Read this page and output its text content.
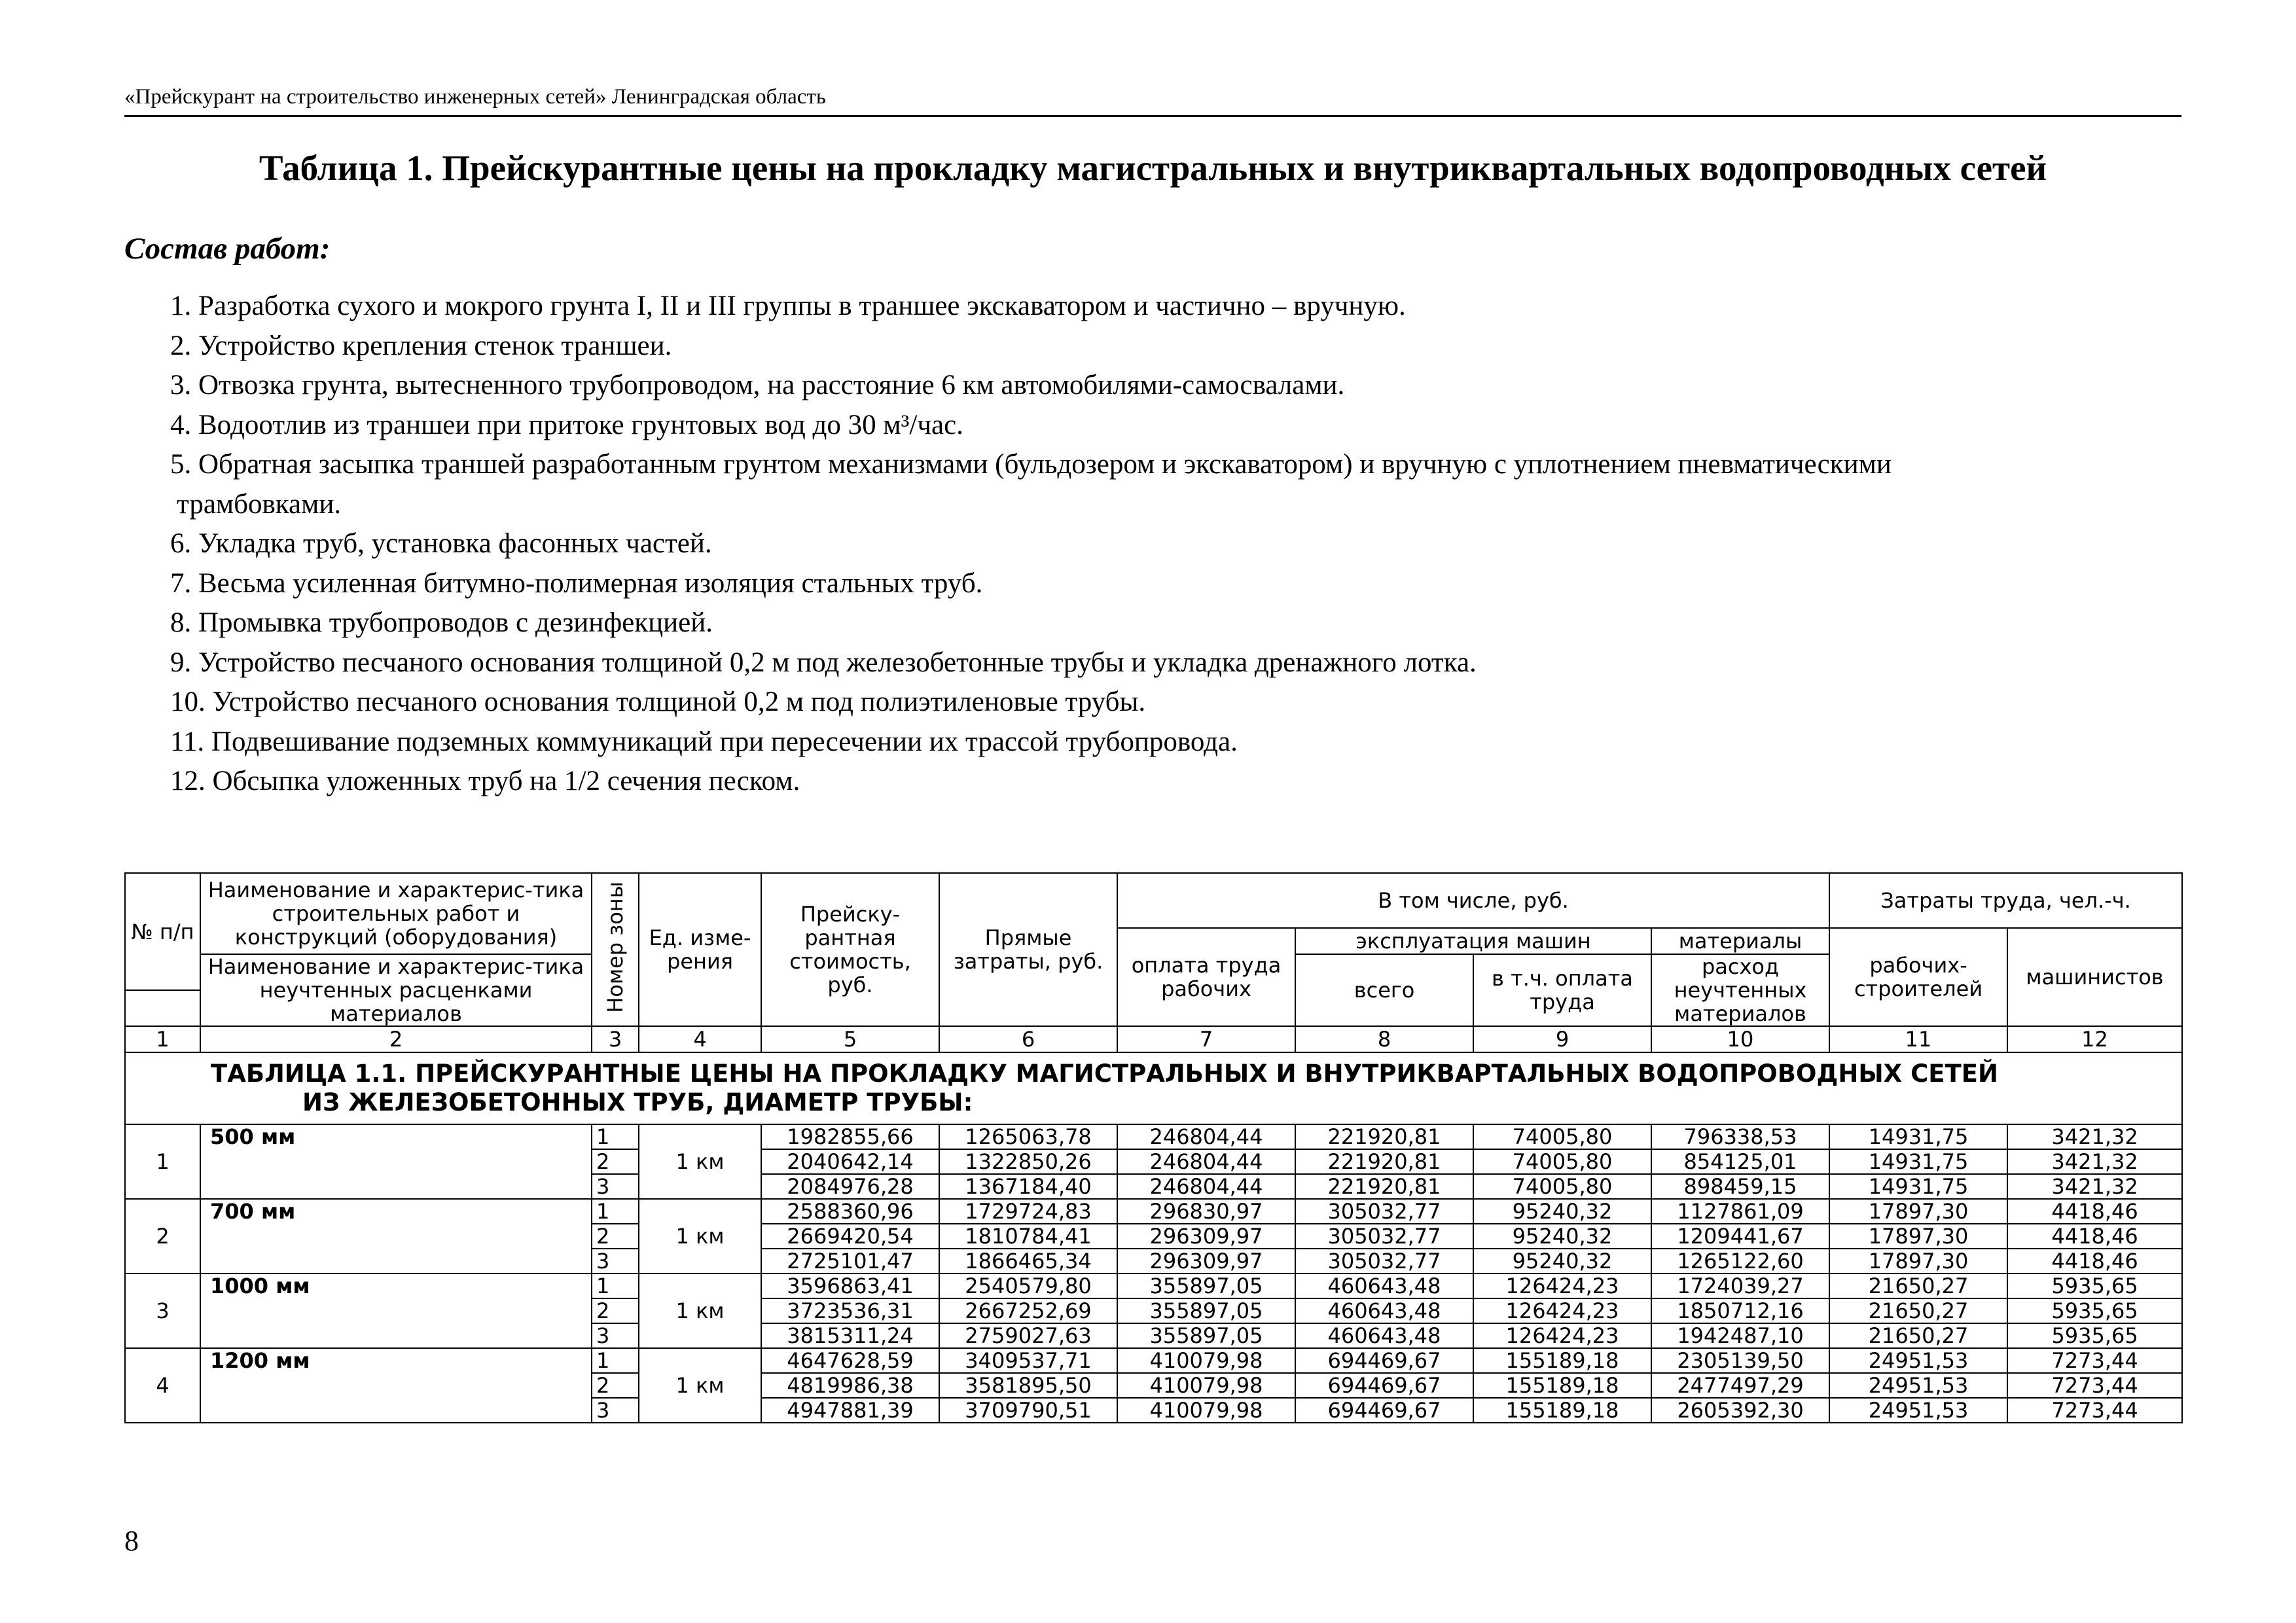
«Прейскурант на строительство инженерных сетей» Ленинградская область
Таблица 1. Прейскурантные цены на прокладку магистральных и внутриквартальных водопроводных сетей
Состав работ:
1. Разработка сухого и мокрого грунта I, II и III группы в траншее экскаватором и частично – вручную.
2. Устройство крепления стенок траншеи.
3. Отвозка грунта, вытесненного трубопроводом, на расстояние 6 км автомобилями-самосвалами.
4. Водоотлив из траншеи при притоке грунтовых вод до 30 м³/час.
5. Обратная засыпка траншей разработанным грунтом механизмами (бульдозером и экскаватором) и вручную с уплотнением пневматическими
трамбовками.
6. Укладка труб, установка фасонных частей.
7. Весьма усиленная битумно-полимерная изоляция стальных труб.
8. Промывка трубопроводов с дезинфекцией.
9. Устройство песчаного основания толщиной 0,2 м под железобетонные трубы и укладка дренажного лотка.
10. Устройство песчаного основания толщиной 0,2 м под полиэтиленовые трубы.
11. Подвешивание подземных коммуникаций при пересечении их трассой трубопровода.
12. Обсыпка уложенных труб на 1/2 сечения песком.
№ п/п	Наименование и характерис-тика строительных работ и конструкций (оборудования)	Номер зоны	Ед. изме-рения	Прейску-рантная стоимость, руб.	Прямые затраты, руб.	В том числе, руб.				Затраты труда, чел.-ч.	
						оплата труда рабочих	эксплуатация машин		материалы	рабочих-строителей	машинистов
	Наименование и характерис-тика неучтенных расценками материалов						всего	в т.ч. оплата труда	расход неучтенных материалов		

1	2	3	4	5	6	7	8	9	10	11	12
ТАБЛИЦА 1.1. ПРЕЙСКУРАНТНЫЕ ЦЕНЫ НА ПРОКЛАДКУ МАГИСТРАЛЬНЫХ И ВНУТРИКВАРТАЛЬНЫХ ВОДОПРОВОДНЫХ СЕТЕЙ
ИЗ ЖЕЛЕЗОБЕТОННЫХ ТРУБ, ДИАМЕТР ТРУБЫ:											

1	500 мм	1	1 км	1982855,66	1265063,78	246804,44	221920,81	74005,80	796338,53	14931,75	3421,32
		2		2040642,14	1322850,26	246804,44	221920,81	74005,80	854125,01	14931,75	3421,32
		3		2084976,28	1367184,40	246804,44	221920,81	74005,80	898459,15	14931,75	3421,32
2	700 мм	1	1 км	2588360,96	1729724,83	296830,97	305032,77	95240,32	1127861,09	17897,30	4418,46
		2		2669420,54	1810784,41	296309,97	305032,77	95240,32	1209441,67	17897,30	4418,46
		3		2725101,47	1866465,34	296309,97	305032,77	95240,32	1265122,60	17897,30	4418,46
3	1000 мм	1	1 км	3596863,41	2540579,80	355897,05	460643,48	126424,23	1724039,27	21650,27	5935,65
		2		3723536,31	2667252,69	355897,05	460643,48	126424,23	1850712,16	21650,27	5935,65
		3		3815311,24	2759027,63	355897,05	460643,48	126424,23	1942487,10	21650,27	5935,65
4	1200 мм	1	1 км	4647628,59	3409537,71	410079,98	694469,67	155189,18	2305139,50	24951,53	7273,44
		2		4819986,38	3581895,50	410079,98	694469,67	155189,18	2477497,29	24951,53	7273,44
		3		4947881,39	3709790,51	410079,98	694469,67	155189,18	2605392,30	24951,53	7273,44
8
